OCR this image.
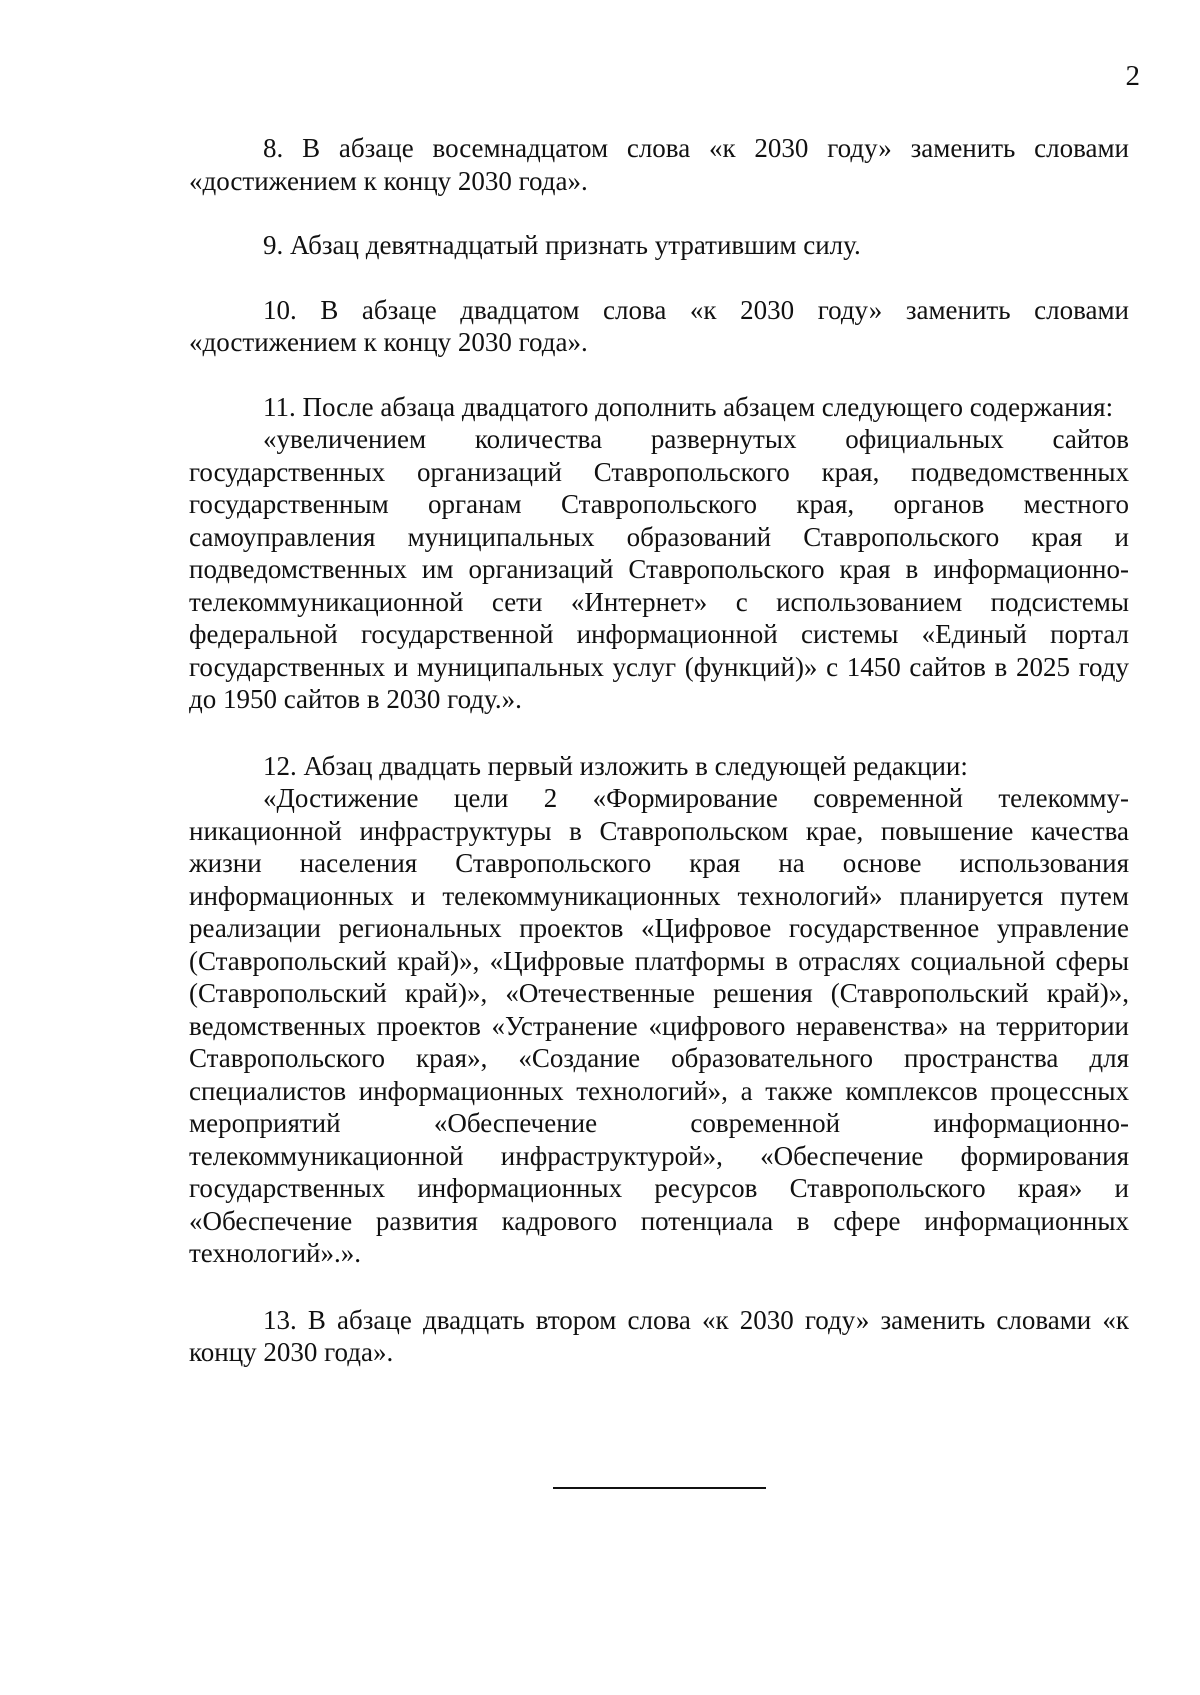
2

8. В абзаце восемнадцатом слова «к 2030 году» заменить словами «достижением к концу 2030 года».

9. Абзац девятнадцатый признать утратившим силу.

10. В абзаце двадцатом слова «к 2030 году» заменить словами «достижением к концу 2030 года».

11. После абзаца двадцатого дополнить абзацем следующего содержания:

«увеличением количества развернутых официальных сайтов государственных организаций Ставропольского края, подведомственных государственным органам Ставропольского края, органов местного самоуправления муниципальных образований Ставропольского края и подведомственных им организаций Ставропольского края в информационно-телекоммуникационной сети «Интернет» с использованием подсистемы федеральной государственной информационной системы «Единый портал государственных и муниципальных услуг (функций)» с 1450 сайтов в 2025 году до 1950 сайтов в 2030 году.».

12. Абзац двадцать первый изложить в следующей редакции:

«Достижение цели 2 «Формирование современной телекоммуникационной инфраструктуры в Ставропольском крае, повышение качества жизни населения Ставропольского края на основе использования информационных и телекоммуникационных технологий» планируется путем реализации региональных проектов «Цифровое государственное управление (Ставропольский край)», «Цифровые платформы в отраслях социальной сферы (Ставропольский край)», «Отечественные решения (Ставропольский край)», ведомственных проектов «Устранение «цифрового неравенства» на территории Ставропольского края», «Создание образовательного пространства для специалистов информационных технологий», а также комплексов процессных мероприятий «Обеспечение современной информационно-телекоммуникационной инфраструктурой», «Обеспечение формирования государственных информационных ресурсов Ставропольского края» и «Обеспечение развития кадрового потенциала в сфере информационных технологий».».

13. В абзаце двадцать втором слова «к 2030 году» заменить словами «к концу 2030 года».
